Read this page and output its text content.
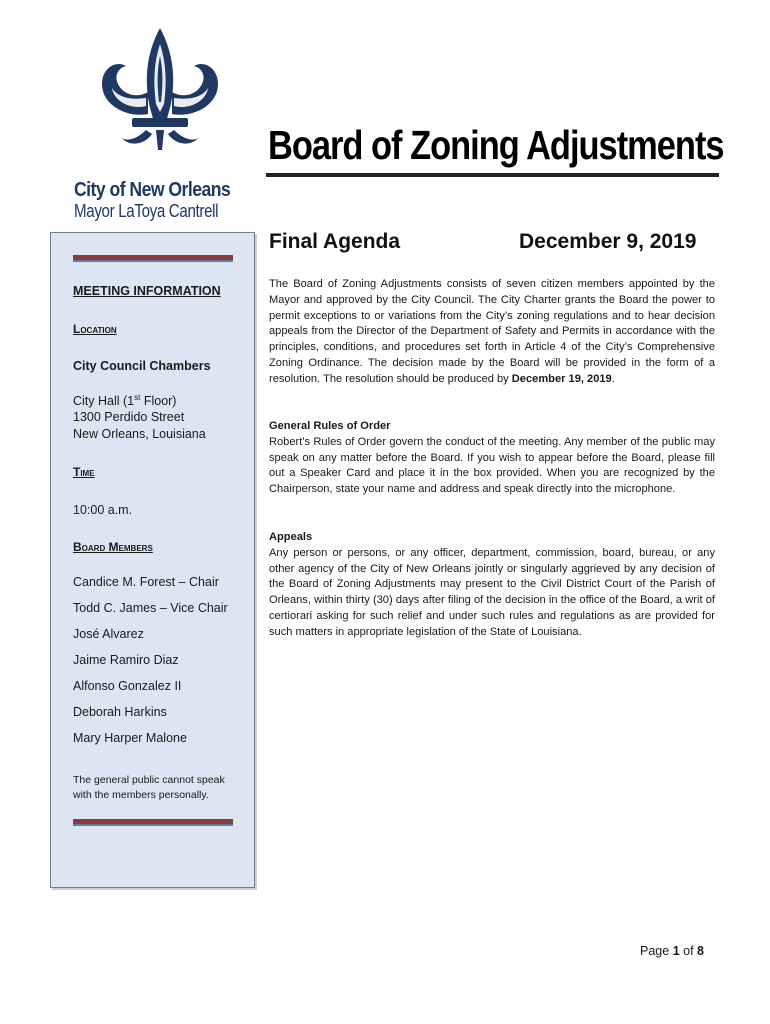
City of New Orleans
Mayor LaToya Cantrell
Board of Zoning Adjustments
MEETING INFORMATION
Location
City Council Chambers
City Hall (1st Floor)
1300 Perdido Street
New Orleans, Louisiana
Time
10:00 a.m.
Board Members
Candice M. Forest – Chair
Todd C. James – Vice Chair
José Alvarez
Jaime Ramiro Diaz
Alfonso Gonzalez II
Deborah Harkins
Mary Harper Malone
The general public cannot speak with the members personally.
Final Agenda	December 9, 2019
The Board of Zoning Adjustments consists of seven citizen members appointed by the Mayor and approved by the City Council. The City Charter grants the Board the power to permit exceptions to or variations from the City’s zoning regulations and to hear decision appeals from the Director of the Department of Safety and Permits in accordance with the principles, conditions, and procedures set forth in Article 4 of the City’s Comprehensive Zoning Ordinance. The decision made by the Board will be provided in the form of a resolution. The resolution should be produced by December 19, 2019.
General Rules of Order
Robert’s Rules of Order govern the conduct of the meeting. Any member of the public may speak on any matter before the Board. If you wish to appear before the Board, please fill out a Speaker Card and place it in the box provided. When you are recognized by the Chairperson, state your name and address and speak directly into the microphone.
Appeals
Any person or persons, or any officer, department, commission, board, bureau, or any other agency of the City of New Orleans jointly or singularly aggrieved by any decision of the Board of Zoning Adjustments may present to the Civil District Court of the Parish of Orleans, within thirty (30) days after filing of the decision in the office of the Board, a writ of certiorari asking for such relief and under such rules and regulations as are provided for such matters in appropriate legislation of the State of Louisiana.
Page 1 of 8
